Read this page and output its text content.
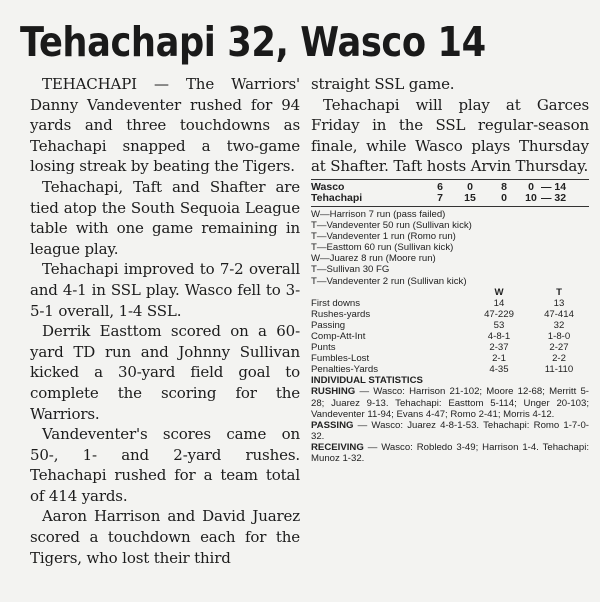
Tehachapi 32, Wasco 14

TEHACHAPI — The Warriors' Danny Vandeventer rushed for 94 yards and three touchdowns as Tehachapi snapped a two-game losing streak by beating the Tigers.

Tehachapi, Taft and Shafter are tied atop the South Sequoia League table with one game remaining in league play.

Tehachapi improved to 7-2 overall and 4-1 in SSL play. Wasco fell to 3-5-1 overall, 1-4 SSL.

Derrik Easttom scored on a 60-yard TD run and Johnny Sullivan kicked a 30-yard field goal to complete the scoring for the Warriors.

Vandeventer's scores came on 50-, 1- and 2-yard rushes. Tehachapi rushed for a team total of 414 yards.

Aaron Harrison and David Juarez scored a touchdown each for the Tigers, who lost their third

straight SSL game.

Tehachapi will play at Garces Friday in the SSL regular-season finale, while Wasco plays Thursday at Shafter. Taft hosts Arvin Thursday.

Wasco	6	0	8	0	— 14
Tehachapi	7	15	0	10	— 32
W—Harrison 7 run (pass failed)
T—Vandeventer 50 run (Sullivan kick)
T—Vandeventer 1 run (Romo run)
T—Easttom 60 run (Sullivan kick)
W—Juarez 8 run (Moore run)
T—Sullivan 30 FG
T—Vandeventer 2 run (Sullivan kick)
	W	T
First downs	14	13
Rushes-yards	47-229	47-414
Passing	53	32
Comp-Att-Int	4-8-1	1-8-0
Punts	2-37	2-27
Fumbles-Lost	2-1	2-2
Penalties-Yards	4-35	11-110
INDIVIDUAL STATISTICS
RUSHING — Wasco: Harrison 21-102; Moore 12-68; Merritt 5-28; Juarez 9-13. Tehachapi: Easttom 5-114; Unger 20-103; Vandeventer 11-94; Evans 4-47; Romo 2-41; Morris 4-12.
PASSING — Wasco: Juarez 4-8-1-53. Tehachapi: Romo 1-7-0-32.
RECEIVING — Wasco: Robledo 3-49; Harrison 1-4. Tehachapi: Munoz 1-32.
